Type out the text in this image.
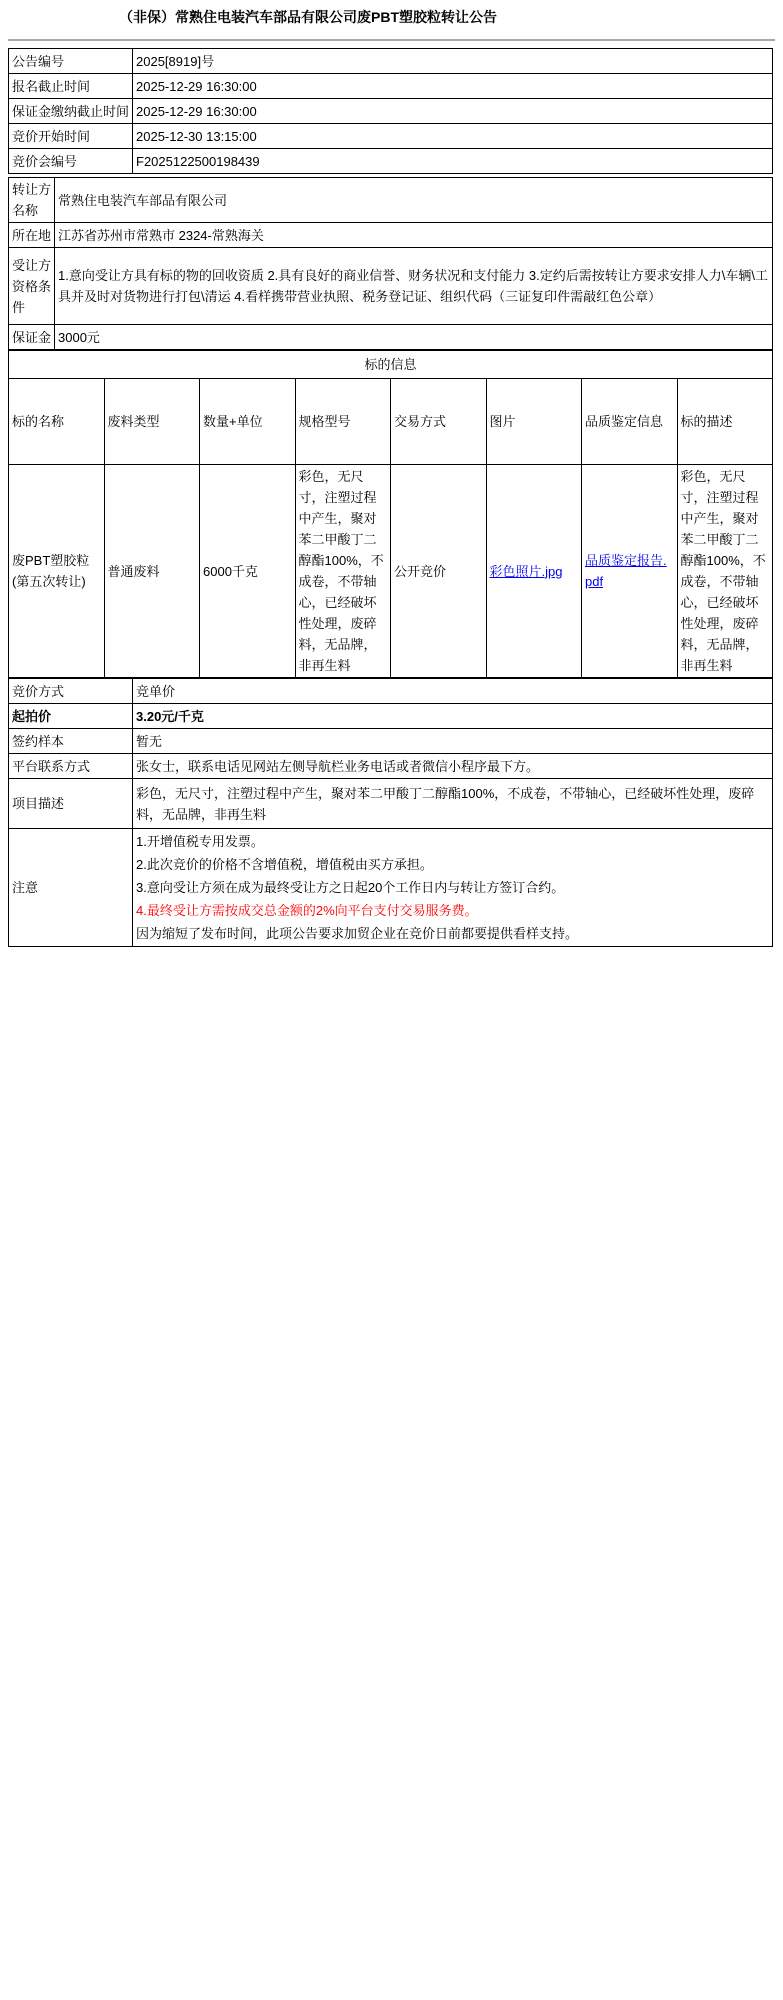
（非保）常熟住电装汽车部品有限公司废PBT塑胶粒转让公告
公告编号	2025[8919]号
报名截止时间	2025-12-29 16:30:00
保证金缴纳截止时间	2025-12-29 16:30:00
竞价开始时间	2025-12-30 13:15:00
竞价会编号	F2025122500198439
转让方名称	常熟住电装汽车部品有限公司
所在地	江苏省苏州市常熟市 2324-常熟海关
受让方资格条件	1.意向受让方具有标的物的回收资质 2.具有良好的商业信誉、财务状况和支付能力 3.定约后需按转让方要求安排人力\车辆\工具并及时对货物进行打包\清运 4.看样携带营业执照、税务登记证、组织代码（三证复印件需敲红色公章）
保证金	3000元
标的信息							
标的名称	废料类型	数量+单位	规格型号	交易方式	图片	品质鉴定信息	标的描述
废PBT塑胶粒(第五次转让)	普通废料	6000千克	彩色，无尺寸，注塑过程中产生，聚对苯二甲酸丁二醇酯100%，不成卷，不带轴心，已经破坏性处理，废碎料，无品牌，非再生料	公开竞价	彩色照片.jpg	品质鉴定报告.pdf	彩色，无尺寸，注塑过程中产生，聚对苯二甲酸丁二醇酯100%，不成卷，不带轴心，已经破坏性处理，废碎料，无品牌，非再生料
竞价方式	竞单价
起拍价	3.20元/千克
签约样本	暂无
平台联系方式	张女士，联系电话见网站左侧导航栏业务电话或者微信小程序最下方。
项目描述	彩色，无尺寸，注塑过程中产生，聚对苯二甲酸丁二醇酯100%，不成卷，不带轴心，已经破坏性处理，废碎料，无品牌，非再生料
注意	1.开增值税专用发票。
2.此次竞价的价格不含增值税，增值税由买方承担。
3.意向受让方须在成为最终受让方之日起20个工作日内与转让方签订合约。
4.最终受让方需按成交总金额的2%向平台支付交易服务费。
因为缩短了发布时间，此项公告要求加贸企业在竞价日前都要提供看样支持。
